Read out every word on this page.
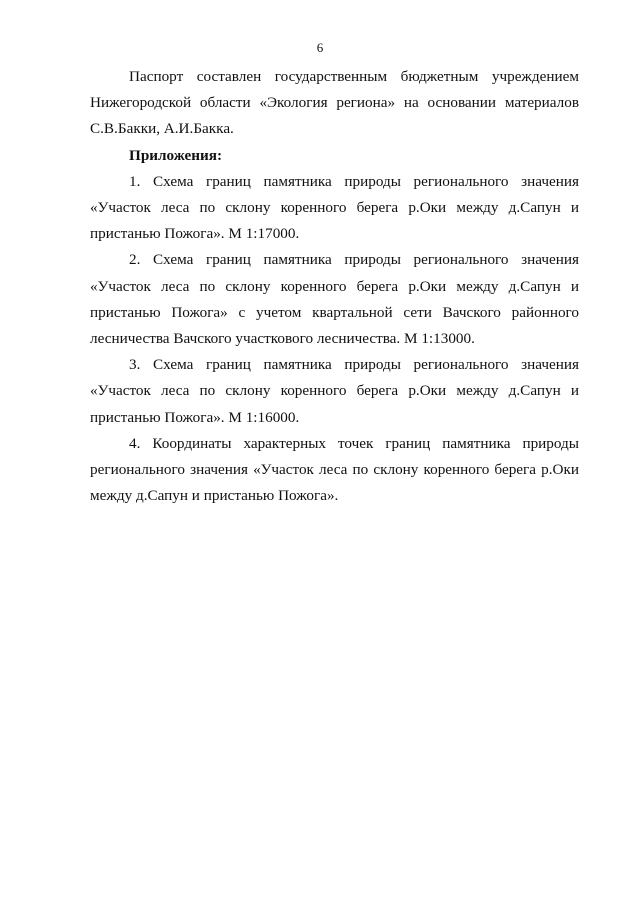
6

Паспорт составлен государственным бюджетным учреждением Нижегородской области «Экология региона» на основании материалов С.В.Бакки, А.И.Бакка.

Приложения:

1. Схема границ памятника природы регионального значения «Участок леса по склону коренного берега р.Оки между д.Сапун и пристанью Пожога». М 1:17000.

2. Схема границ памятника природы регионального значения «Участок леса по склону коренного берега р.Оки между д.Сапун и пристанью Пожога» с учетом квартальной сети Вачского районного лесничества Вачского участкового лесничества. М 1:13000.

3. Схема границ памятника природы регионального значения «Участок леса по склону коренного берега р.Оки между д.Сапун и пристанью Пожога». М 1:16000.

4. Координаты характерных точек границ памятника природы регионального значения «Участок леса по склону коренного берега р.Оки между д.Сапун и пристанью Пожога».
